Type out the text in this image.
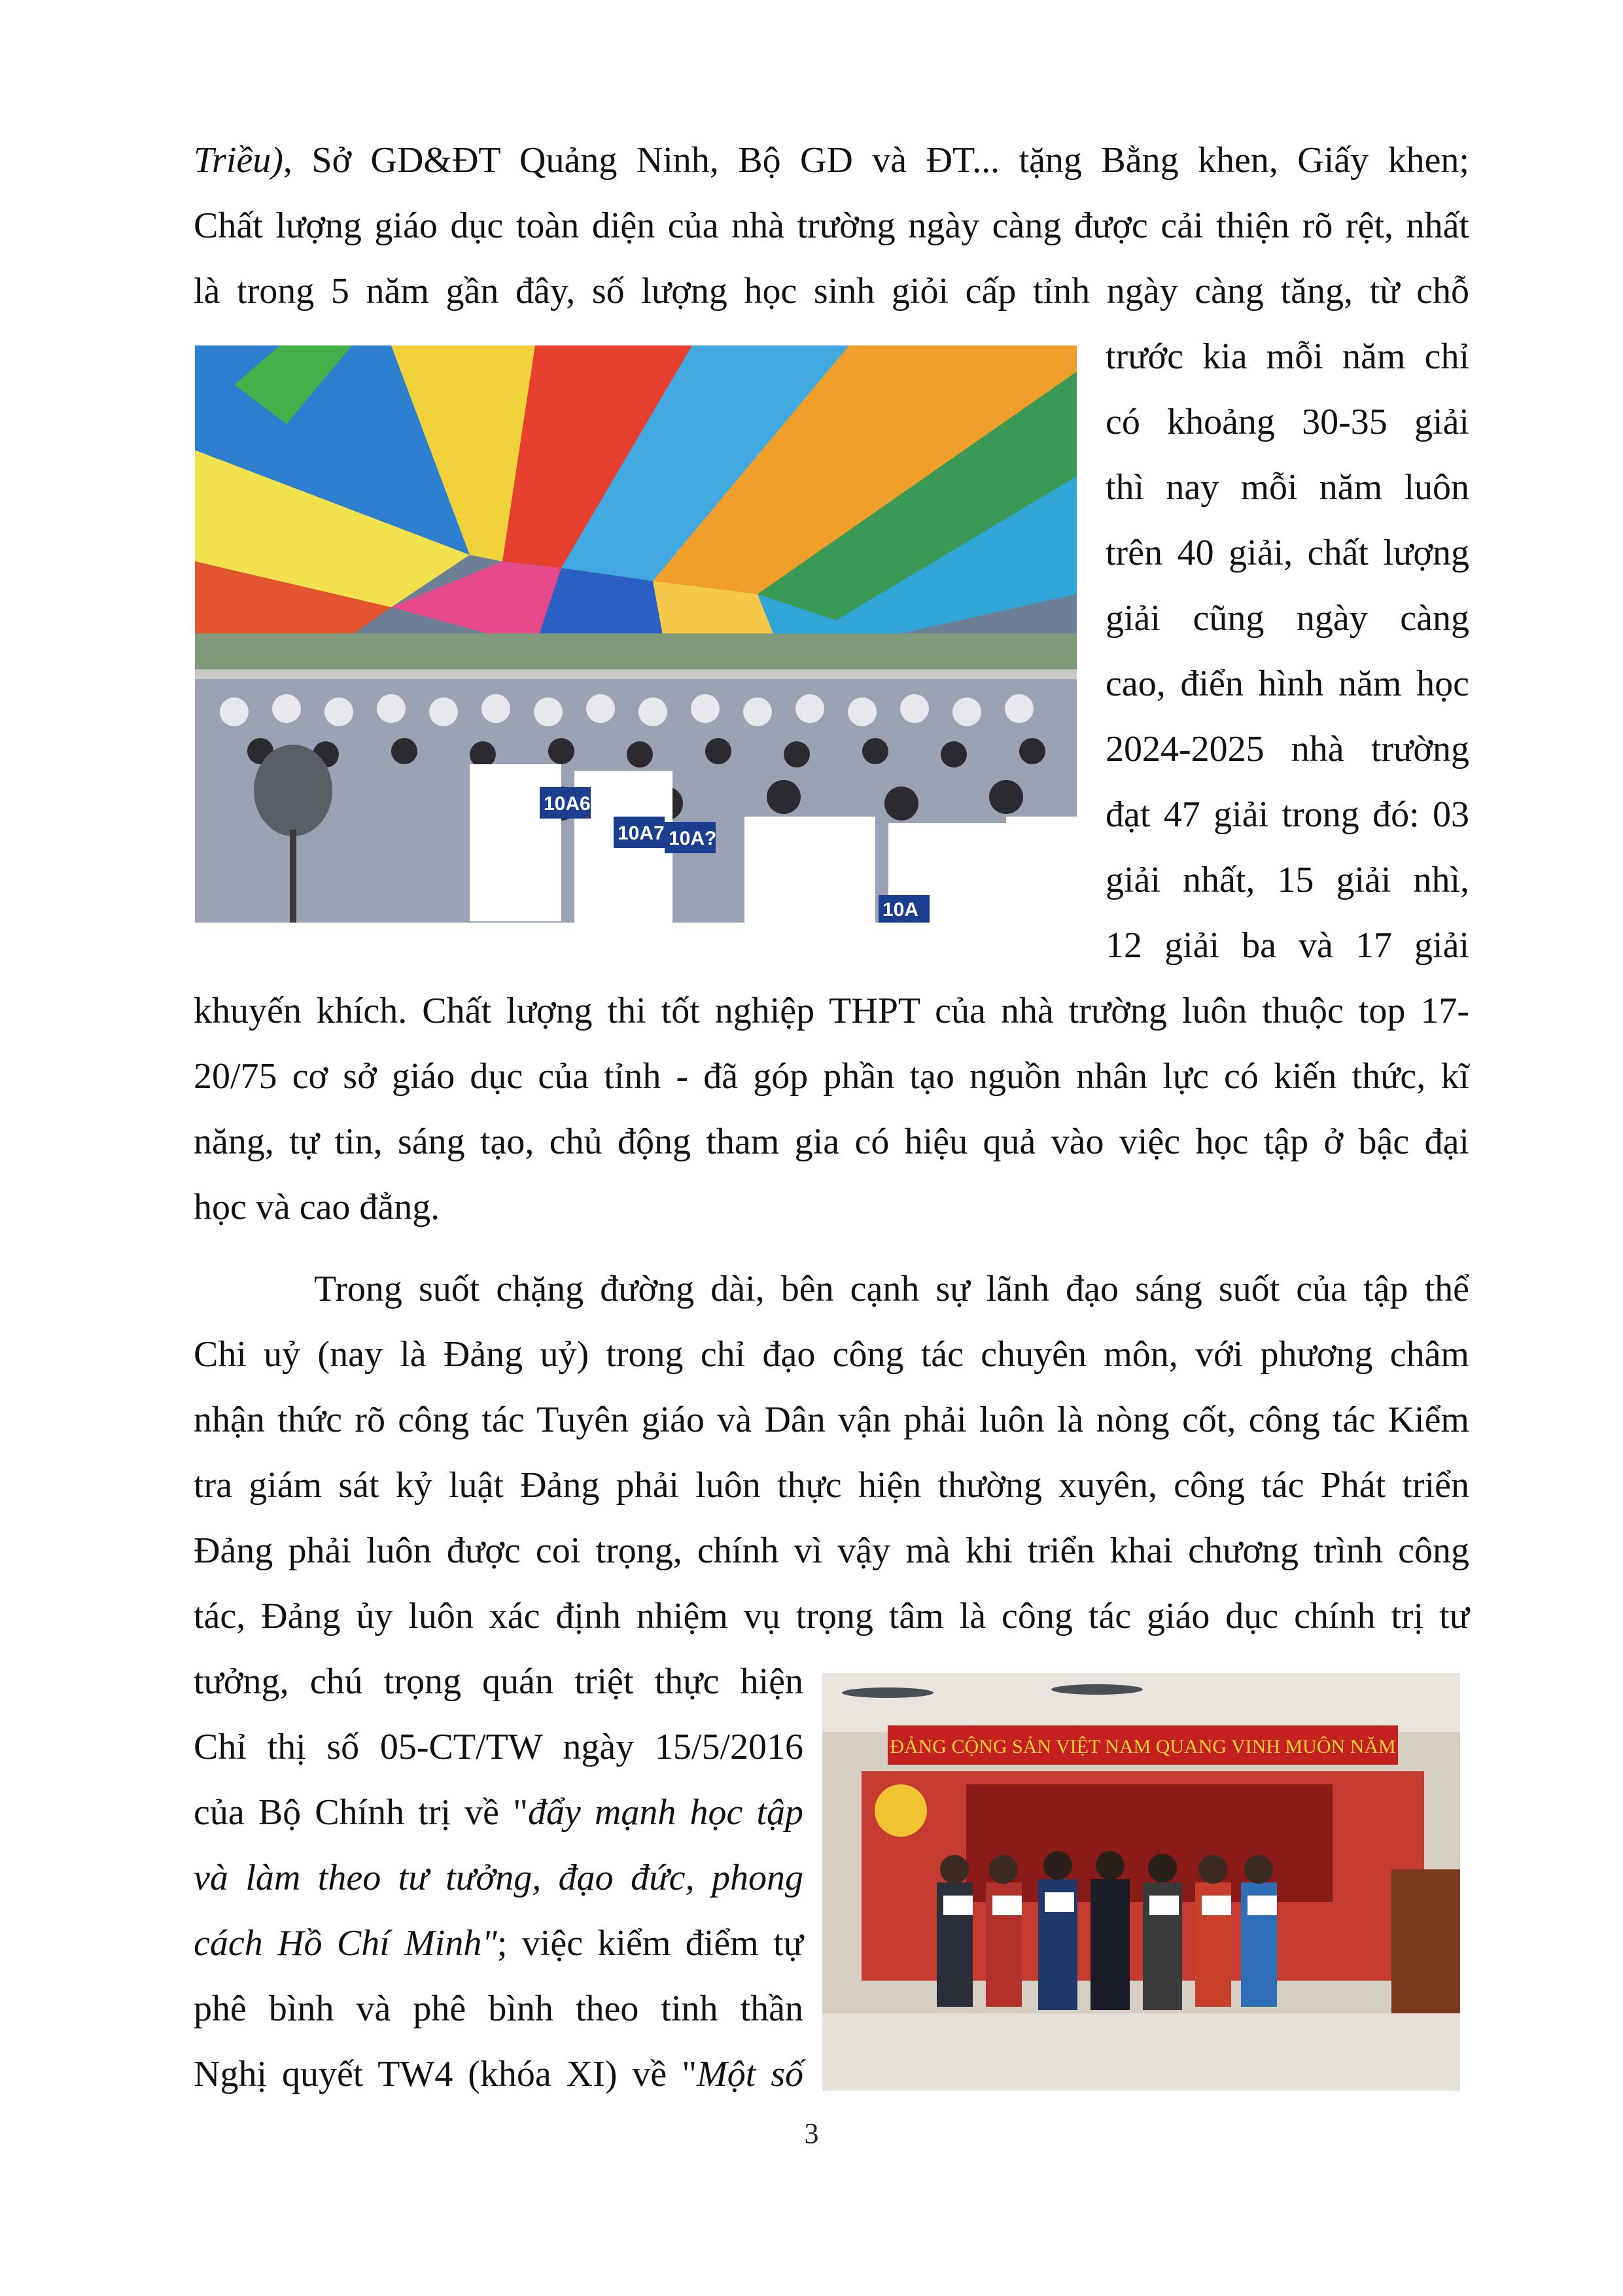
Triều), Sở GD&ĐT Quảng Ninh, Bộ GD và ĐT... tặng Bằng khen, Giấy khen;
Chất lượng giáo dục toàn diện của nhà trường ngày càng được cải thiện rõ rệt, nhất
là trong 5 năm gần đây, số lượng học sinh giỏi cấp tỉnh ngày càng tăng, từ chỗ
10A6
10A7 10A?
10A
trước kia mỗi năm chỉ
có khoảng 30-35 giải
thì nay mỗi năm luôn
trên 40 giải, chất lượng
giải cũng ngày càng
cao, điển hình năm học
2024-2025 nhà trường
đạt 47 giải trong đó: 03
giải nhất, 15 giải nhì,
12 giải ba và 17 giải
khuyến khích. Chất lượng thi tốt nghiệp THPT của nhà trường luôn thuộc top 17-
20/75 cơ sở giáo dục của tỉnh - đã góp phần tạo nguồn nhân lực có kiến thức, kĩ
năng, tự tin, sáng tạo, chủ động tham gia có hiệu quả vào việc học tập ở bậc đại
học và cao đẳng.
Trong suốt chặng đường dài, bên cạnh sự lãnh đạo sáng suốt của tập thể
Chi uỷ (nay là Đảng uỷ) trong chỉ đạo công tác chuyên môn, với phương châm
nhận thức rõ công tác Tuyên giáo và Dân vận phải luôn là nòng cốt, công tác Kiểm
tra giám sát kỷ luật Đảng phải luôn thực hiện thường xuyên, công tác Phát triển
Đảng phải luôn được coi trọng, chính vì vậy mà khi triển khai chương trình công
tác, Đảng ủy luôn xác định nhiệm vụ trọng tâm là công tác giáo dục chính trị tư
tưởng, chú trọng quán triệt thực hiện
Chỉ thị số 05-CT/TW ngày 15/5/2016
của Bộ Chính trị về "đẩy mạnh học tập
và làm theo tư tưởng, đạo đức, phong
cách Hồ Chí Minh"; việc kiểm điểm tự
phê bình và phê bình theo tinh thần
Nghị quyết TW4 (khóa XI) về "Một số
ĐẢNG CỘNG SẢN VIỆT NAM QUANG VINH MUÔN NĂM
3
